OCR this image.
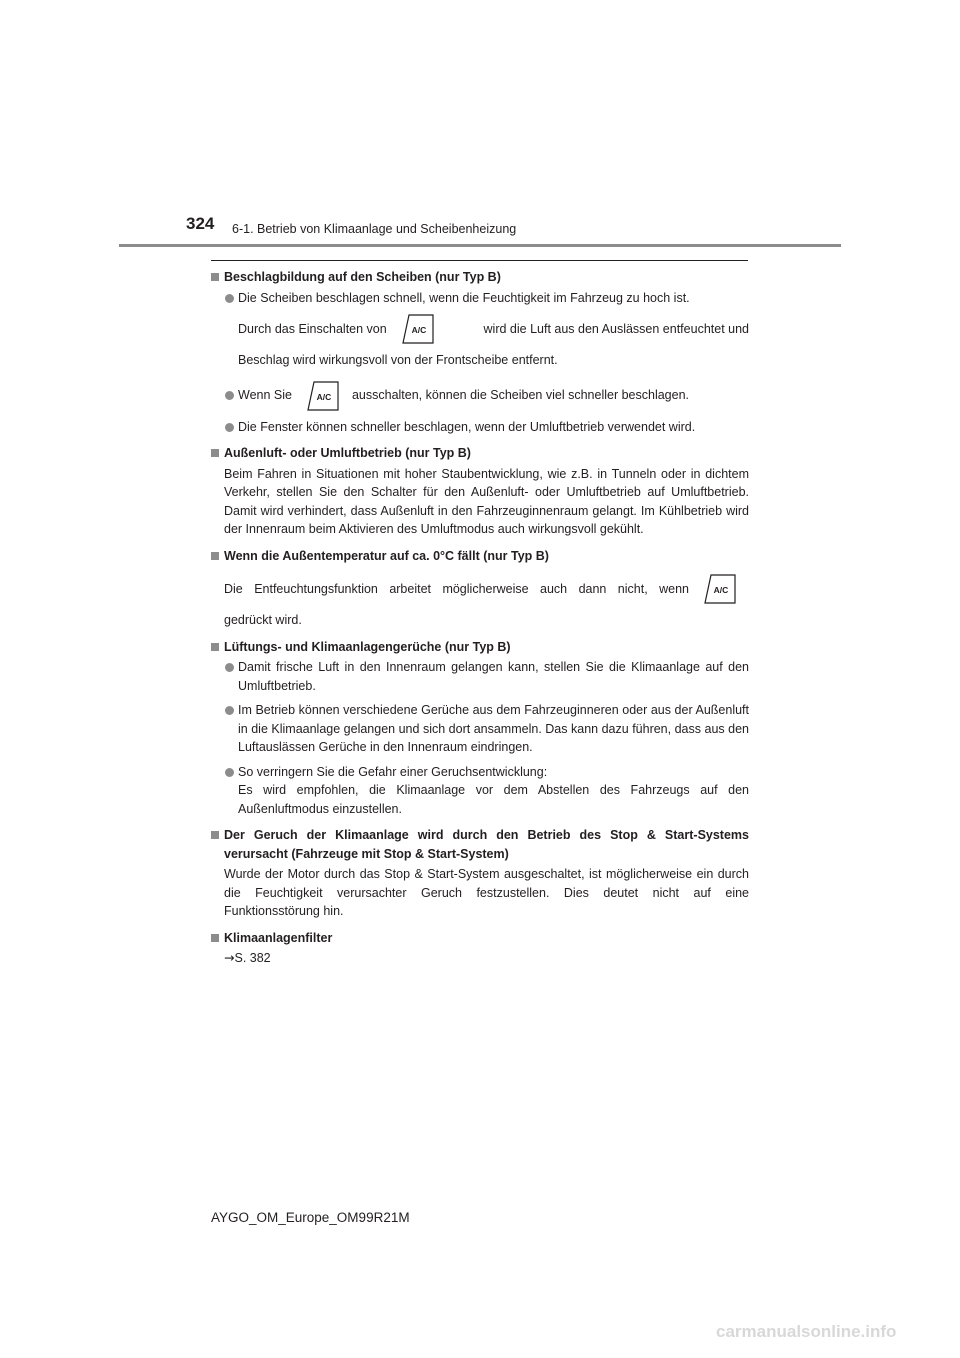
324 6-1. Betrieb von Klimaanlage und Scheibenheizung
Beschlagbildung auf den Scheiben (nur Typ B)
Die Scheiben beschlagen schnell, wenn die Feuchtigkeit im Fahrzeug zu hoch ist.
Durch das Einschalten von	A/C	wird die Luft aus den Auslässen entfeuchtet und
Beschlag wird wirkungsvoll von der Frontscheibe entfernt.
Wenn Sie	A/C ausschalten, können die Scheiben viel schneller beschlagen.
Die Fenster können schneller beschlagen, wenn der Umluftbetrieb verwendet wird.
Außenluft- oder Umluftbetrieb (nur Typ B)
Beim Fahren in Situationen mit hoher Staubentwicklung, wie z.B. in Tunneln oder in dichtem Verkehr, stellen Sie den Schalter für den Außenluft- oder Umluftbetrieb auf Umluftbetrieb. Damit wird verhindert, dass Außenluft in den Fahrzeuginnenraum gelangt. Im Kühlbetrieb wird der Innenraum beim Aktivieren des Umluftmodus auch wirkungsvoll gekühlt.
Wenn die Außentemperatur auf ca. 0°C fällt (nur Typ B)
Die Entfeuchtungsfunktion arbeitet möglicherweise auch dann nicht, wenn	A/C
gedrückt wird.
Lüftungs- und Klimaanlagengerüche (nur Typ B)
Damit frische Luft in den Innenraum gelangen kann, stellen Sie die Klimaanlage auf den Umluftbetrieb.
Im Betrieb können verschiedene Gerüche aus dem Fahrzeuginneren oder aus der Außenluft in die Klimaanlage gelangen und sich dort ansammeln. Das kann dazu führen, dass aus den Luftauslässen Gerüche in den Innenraum eindringen.
So verringern Sie die Gefahr einer Geruchsentwicklung:
Es wird empfohlen, die Klimaanlage vor dem Abstellen des Fahrzeugs auf den Außenluftmodus einzustellen.
Der Geruch der Klimaanlage wird durch den Betrieb des Stop & Start-Systems verursacht (Fahrzeuge mit Stop & Start-System)
Wurde der Motor durch das Stop & Start-System ausgeschaltet, ist möglicherweise ein durch die Feuchtigkeit verursachter Geruch festzustellen. Dies deutet nicht auf eine Funktionsstörung hin.
Klimaanlagenfilter
→S. 382
AYGO_OM_Europe_OM99R21M
carmanualsonline.info
